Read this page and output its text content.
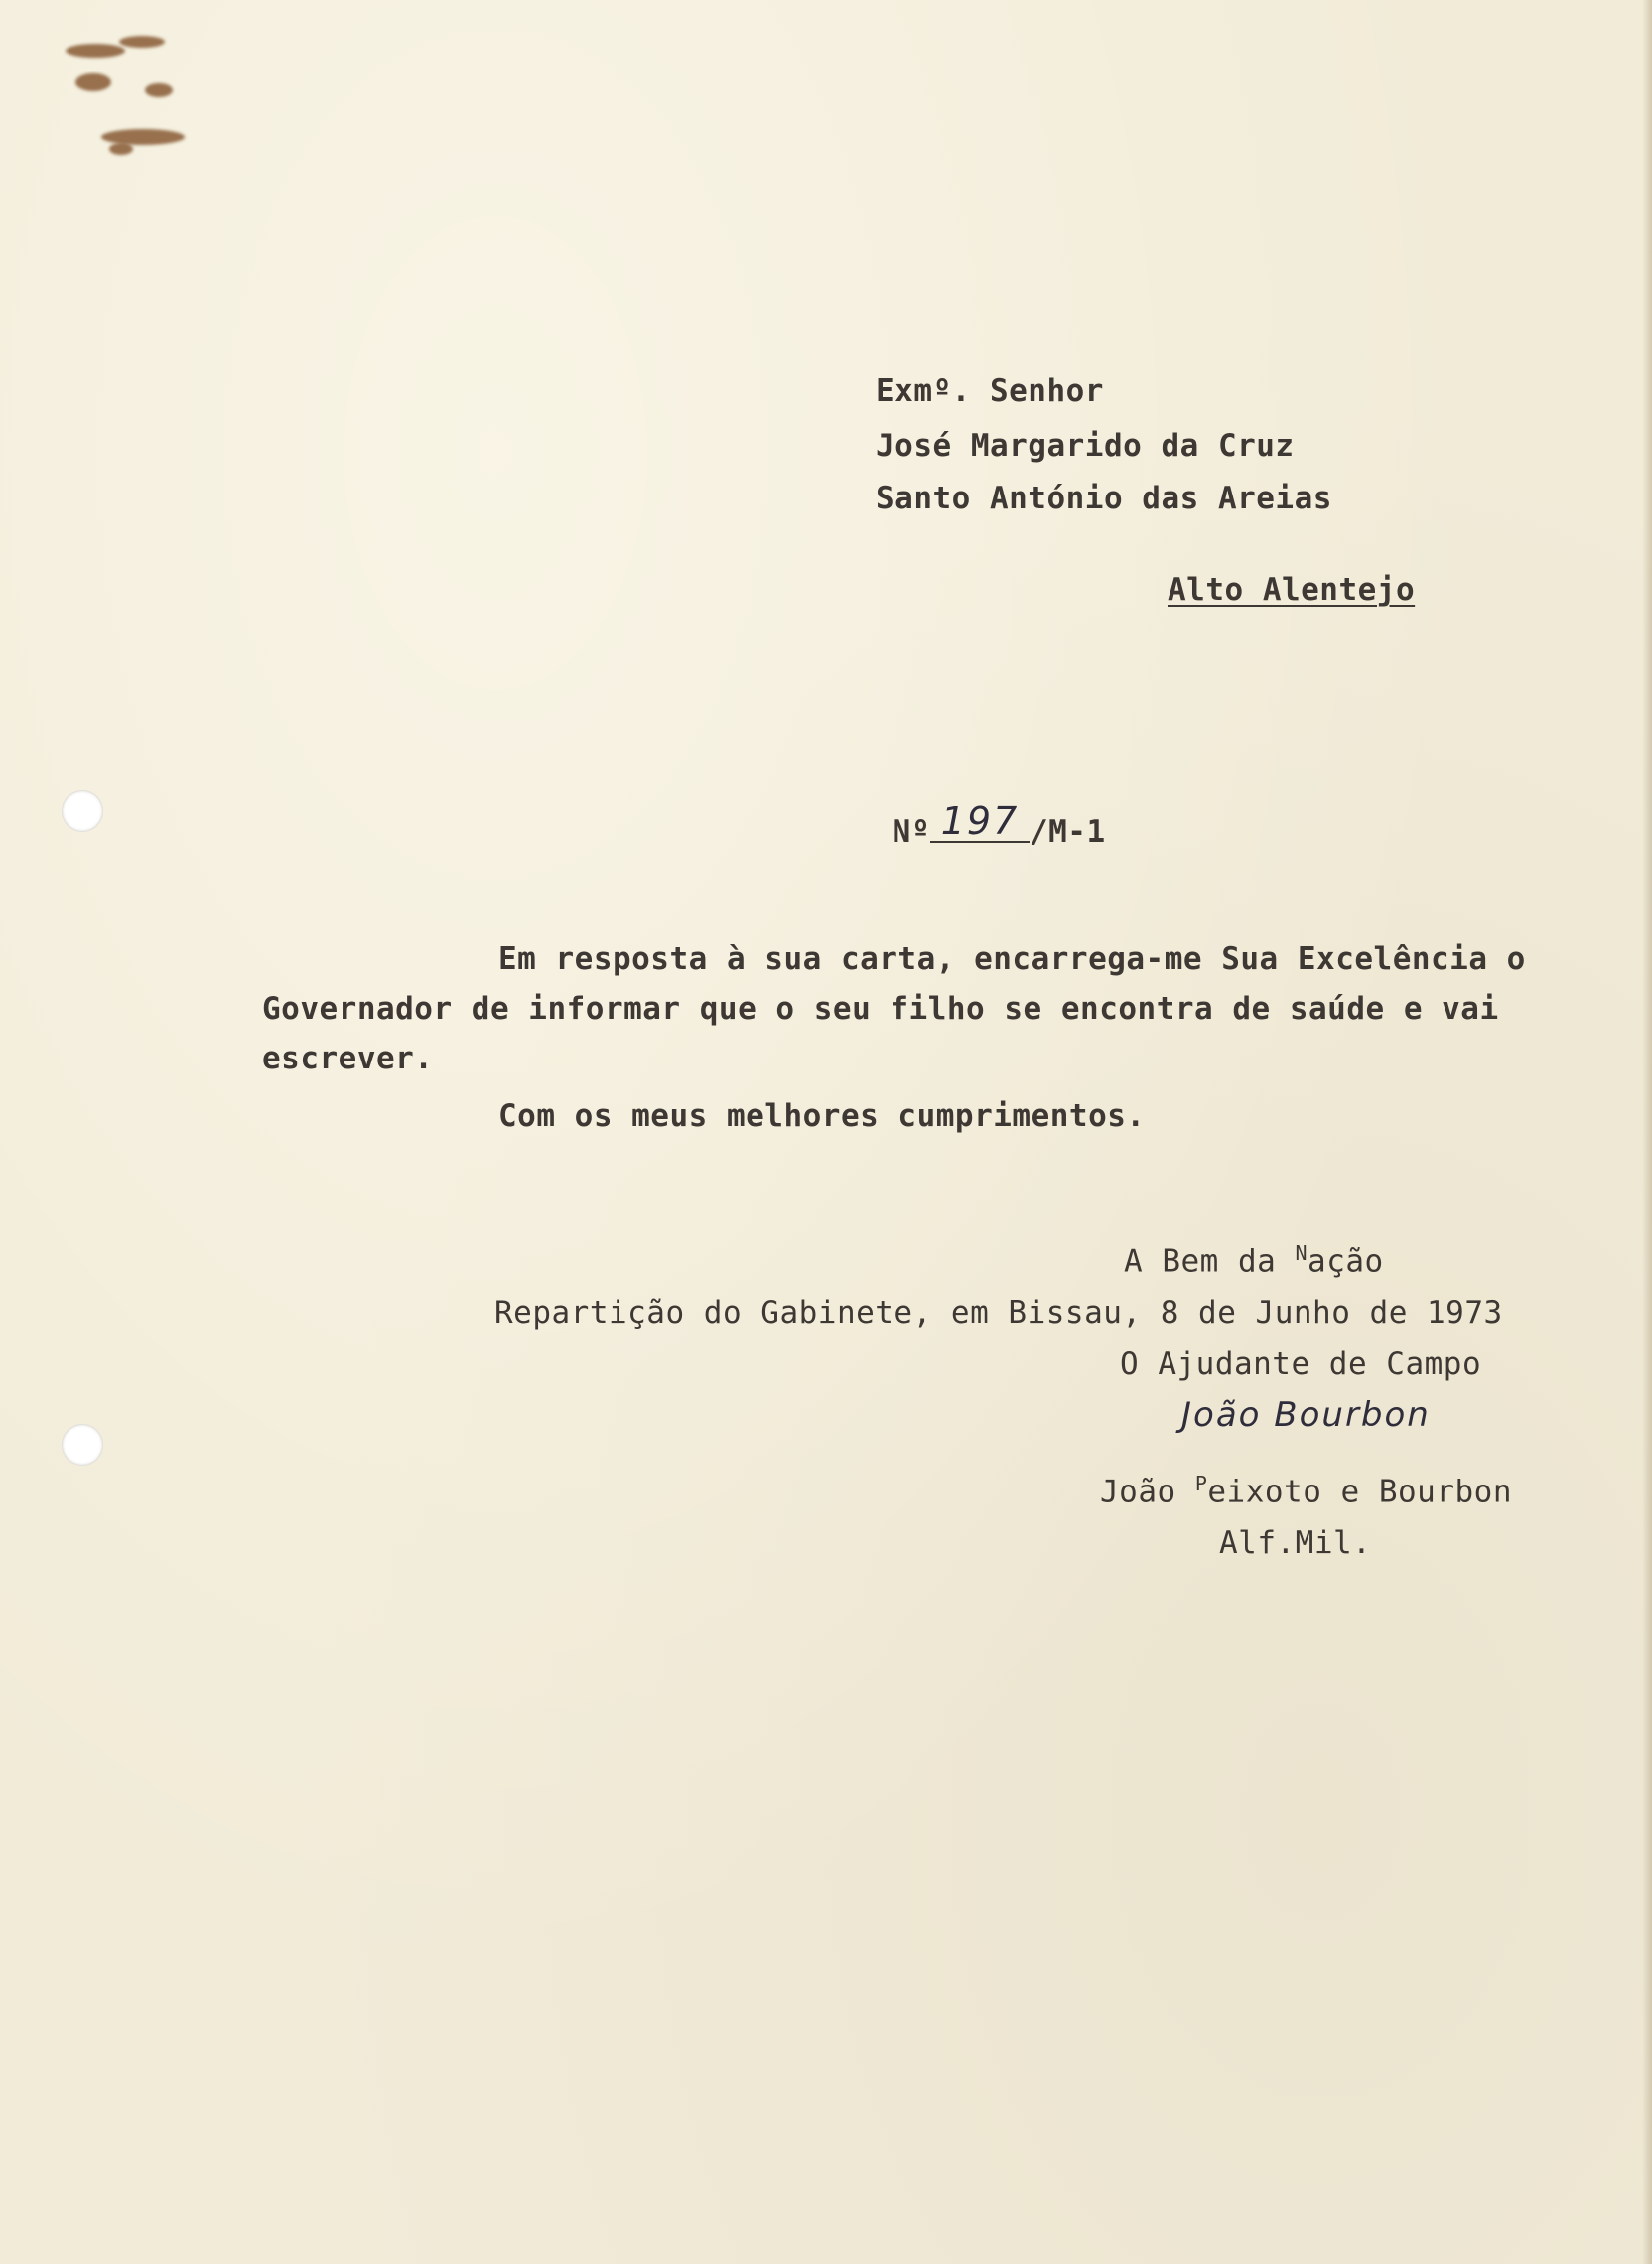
Exmº. Senhor
José Margarido da Cruz
Santo António das Areias
Alto Alentejo

Nº 197 /M-1

Em resposta à sua carta, encarrega-me Sua Excelência o
Governador de informar que o seu filho se encontra de saúde e vai
escrever.
Com os meus melhores cumprimentos.
A Bem da $^N$ação
Repartição do Gabinete, em Bissau, 8 de Junho de 1973
O Ajudante de Campo
João Bourbon
João $^P$eixoto e Bourbon
Alf.Mil.
